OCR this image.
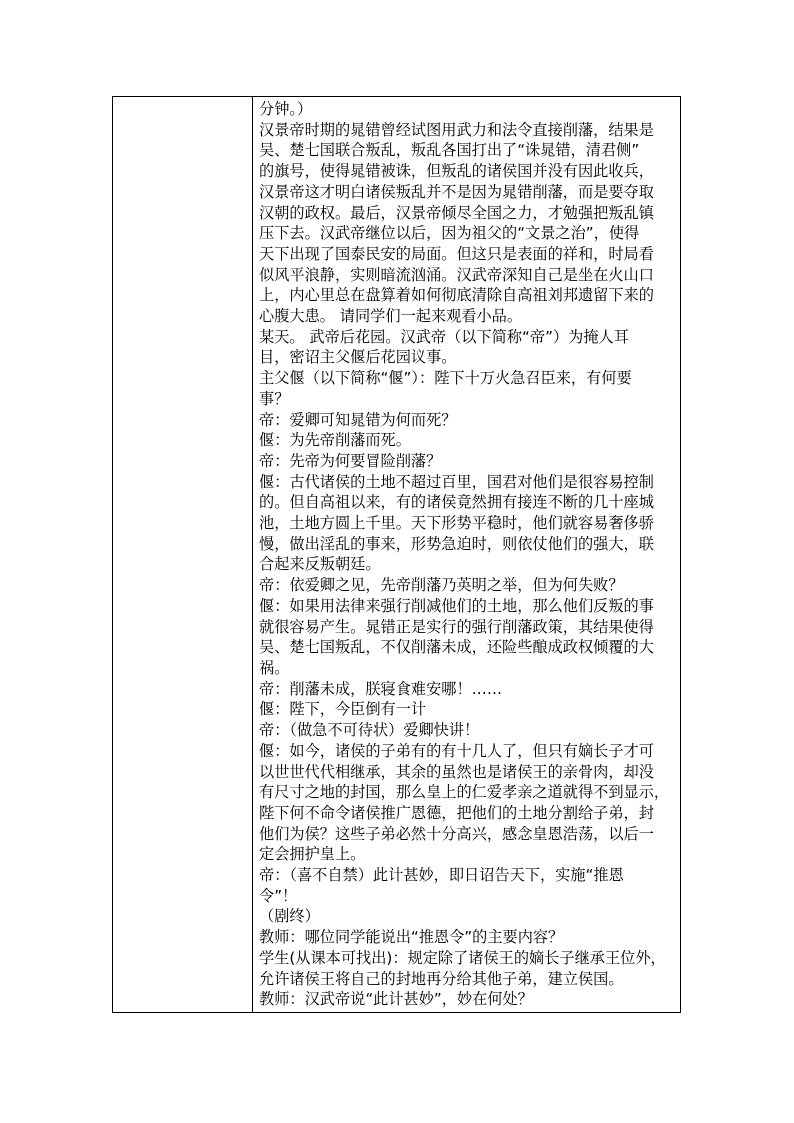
分钟。）
汉景帝时期的晁错曾经试图用武力和法令直接削藩，结果是
吴、楚七国联合叛乱，叛乱各国打出了“诛晁错，清君侧”
的旗号，使得晁错被诛，但叛乱的诸侯国并没有因此收兵，
汉景帝这才明白诸侯叛乱并不是因为晁错削藩，而是要夺取
汉朝的政权。最后，汉景帝倾尽全国之力，才勉强把叛乱镇
压下去。汉武帝继位以后，因为祖父的“文景之治”，使得
天下出现了国泰民安的局面。但这只是表面的祥和，时局看
似风平浪静，实则暗流汹涌。汉武帝深知自己是坐在火山口
上，内心里总在盘算着如何彻底清除自高祖刘邦遗留下来的
心腹大患。 请同学们一起来观看小品。
某天。 武帝后花园。汉武帝（以下简称“帝”）为掩人耳
目，密诏主父偃后花园议事。
主父偃（以下简称“偃”）：陛下十万火急召臣来，有何要
事？
帝：爱卿可知晁错为何而死？
偃：为先帝削藩而死。
帝：先帝为何要冒险削藩？
偃：古代诸侯的土地不超过百里，国君对他们是很容易控制
的。但自高祖以来，有的诸侯竟然拥有接连不断的几十座城
池，土地方圆上千里。天下形势平稳时，他们就容易奢侈骄
慢，做出淫乱的事来，形势急迫时，则依仗他们的强大，联
合起来反叛朝廷。
帝：依爱卿之见，先帝削藩乃英明之举，但为何失败？
偃：如果用法律来强行削减他们的土地，那么他们反叛的事
就很容易产生。晁错正是实行的强行削藩政策，其结果使得
吴、楚七国叛乱，不仅削藩未成，还险些酿成政权倾覆的大
祸。
帝：削藩未成，朕寝食难安哪！……
偃：陛下，今臣倒有一计
帝：（做急不可待状）爱卿快讲！
偃：如今，诸侯的子弟有的有十几人了，但只有嫡长子才可
以世世代代相继承，其余的虽然也是诸侯王的亲骨肉，却没
有尺寸之地的封国，那么皇上的仁爱孝亲之道就得不到显示，
陛下何不命令诸侯推广恩德，把他们的土地分割给子弟，封
他们为侯？这些子弟必然十分高兴，感念皇恩浩荡，以后一
定会拥护皇上。
帝：（喜不自禁）此计甚妙，即日诏告天下，实施“推恩
令”！
（剧终）
教师：哪位同学能说出“推恩令”的主要内容？
学生(从课本可找出)：规定除了诸侯王的嫡长子继承王位外，
允许诸侯王将自己的封地再分给其他子弟，建立侯国。
教师：汉武帝说“此计甚妙”，妙在何处？
